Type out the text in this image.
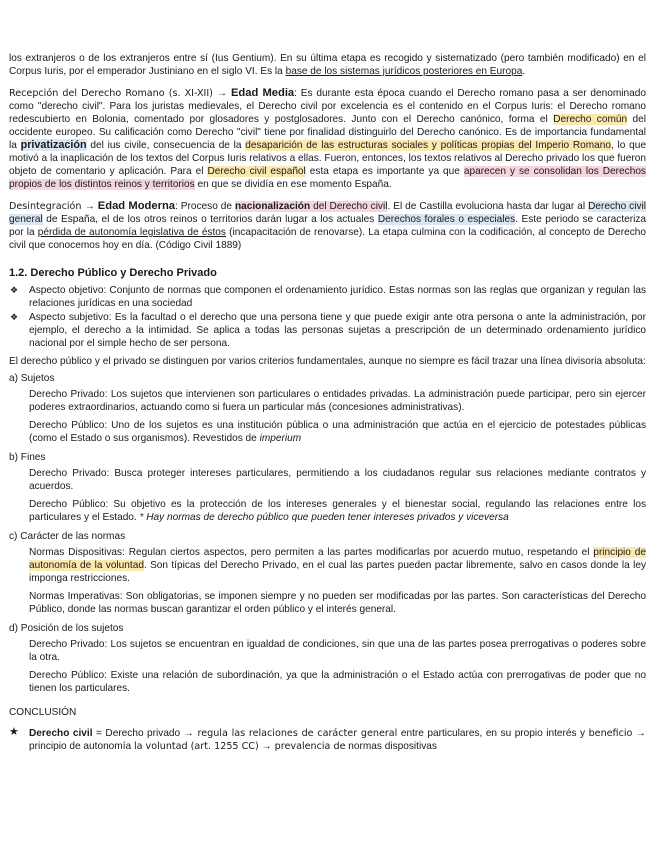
los extranjeros o de los extranjeros entre sí (Ius Gentium). En su última etapa es recogido y sistematizado (pero también modificado) en el Corpus Iuris, por el emperador Justiniano en el siglo VI. Es la base de los sistemas jurídicos posteriores en Europa.

Recepción del Derecho Romano (s. XI-XII) → Edad Media: Es durante esta época cuando el Derecho romano pasa a ser denominado como "derecho civil". Para los juristas medievales, el Derecho civil por excelencia es el contenido en el Corpus Iuris: el Derecho romano redescubierto en Bolonia, comentado por glosadores y postglosadores. Junto con el Derecho canónico, forma el Derecho común del occidente europeo. Su calificación como Derecho "civil" tiene por finalidad distinguirlo del Derecho canónico. Es de importancia fundamental la privatización del ius civile, consecuencia de la desaparición de las estructuras sociales y políticas propias del Imperio Romano, lo que motivó a la inaplicación de los textos del Corpus Iuris relativos a ellas. Fueron, entonces, los textos relativos al Derecho privado los que fueron objeto de comentario y aplicación. Para el Derecho civil español esta etapa es importante ya que aparecen y se consolidan los Derechos propios de los distintos reinos y territorios en que se dividía en ese momento España.

Desintegración → Edad Moderna: Proceso de nacionalización del Derecho civil. El de Castilla evoluciona hasta dar lugar al Derecho civil general de España, el de los otros reinos o territorios darán lugar a los actuales Derechos forales o especiales. Este periodo se caracteriza por la pérdida de autonomía legislativa de éstos (incapacitación de renovarse). La etapa culmina con la codificación, al concepto de Derecho civil que conocemos hoy en día. (Código Civil 1889)

1.2. Derecho Público y Derecho Privado
❖ Aspecto objetivo: Conjunto de normas que componen el ordenamiento jurídico. Estas normas son las reglas que organizan y regulan las relaciones jurídicas en una sociedad
❖ Aspecto subjetivo: Es la facultad o el derecho que una persona tiene y que puede exigir ante otra persona o ante la administración, por ejemplo, el derecho a la intimidad. Se aplica a todas las personas sujetas a prescripción de un determinado ordenamiento jurídico nacional por el simple hecho de ser persona.

El derecho público y el privado se distinguen por varios criterios fundamentales, aunque no siempre es fácil trazar una línea divisoria absoluta:

a) Sujetos

Derecho Privado: Los sujetos que intervienen son particulares o entidades privadas. La administración puede participar, pero sin ejercer poderes extraordinarios, actuando como si fuera un particular más (concesiones administrativas).

Derecho Público: Uno de los sujetos es una institución pública o una administración que actúa en el ejercicio de potestades públicas (como el Estado o sus organismos). Revestidos de imperium

b) Fines

Derecho Privado: Busca proteger intereses particulares, permitiendo a los ciudadanos regular sus relaciones mediante contratos y acuerdos.

Derecho Público: Su objetivo es la protección de los intereses generales y el bienestar social, regulando las relaciones entre los particulares y el Estado. * Hay normas de derecho público que pueden tener intereses privados y viceversa

c) Carácter de las normas

Normas Dispositivas: Regulan ciertos aspectos, pero permiten a las partes modificarlas por acuerdo mutuo, respetando el principio de autonomía de la voluntad. Son típicas del Derecho Privado, en el cual las partes pueden pactar libremente, salvo en casos donde la ley imponga restricciones.

Normas Imperativas: Son obligatorias, se imponen siempre y no pueden ser modificadas por las partes. Son características del Derecho Público, donde las normas buscan garantizar el orden público y el interés general.

d) Posición de los sujetos

Derecho Privado: Los sujetos se encuentran en igualdad de condiciones, sin que una de las partes posea prerrogativas o poderes sobre la otra.

Derecho Público: Existe una relación de subordinación, ya que la administración o el Estado actúa con prerrogativas de poder que no tienen los particulares.

CONCLUSIÓN

★ Derecho civil = Derecho privado → regula las relaciones de carácter general entre particulares, en su propio interés y beneficio → principio de autonomía la voluntad (art. 1255 CC) → prevalencia de normas dispositivas
